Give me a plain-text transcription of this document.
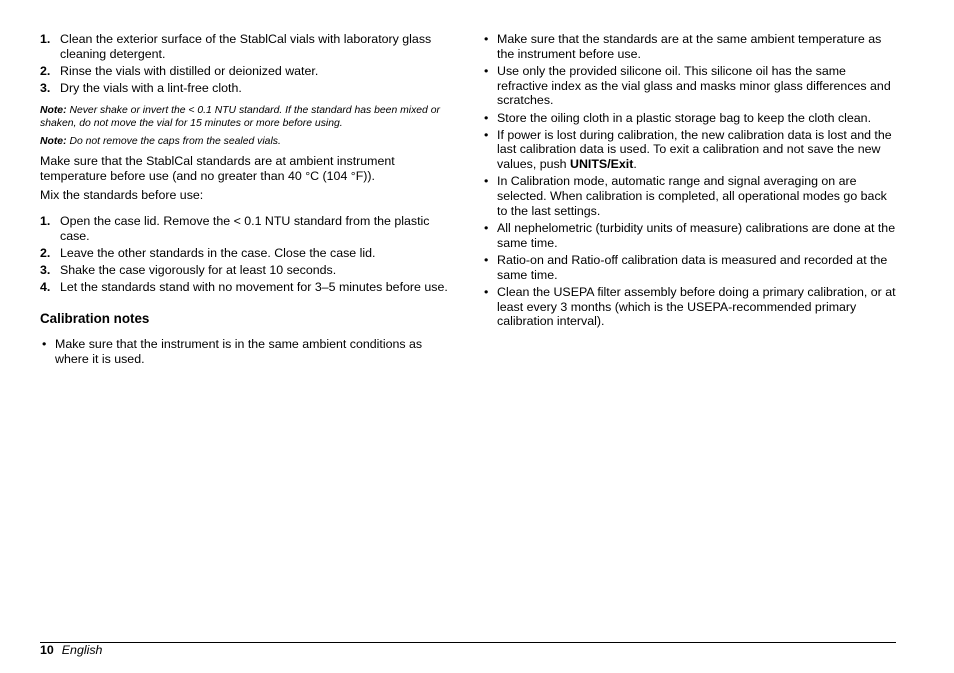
1. Clean the exterior surface of the StablCal vials with laboratory glass cleaning detergent.
2. Rinse the vials with distilled or deionized water.
3. Dry the vials with a lint-free cloth.

Note: Never shake or invert the < 0.1 NTU standard. If the standard has been mixed or shaken, do not move the vial for 15 minutes or more before using.

Note: Do not remove the caps from the sealed vials.

Make sure that the StablCal standards are at ambient instrument temperature before use (and no greater than 40 °C (104 °F)).

Mix the standards before use:

1. Open the case lid. Remove the < 0.1 NTU standard from the plastic case.
2. Leave the other standards in the case. Close the case lid.
3. Shake the case vigorously for at least 10 seconds.
4. Let the standards stand with no movement for 3–5 minutes before use.
Calibration notes
• Make sure that the instrument is in the same ambient conditions as where it is used.
• Make sure that the standards are at the same ambient temperature as the instrument before use.
• Use only the provided silicone oil. This silicone oil has the same refractive index as the vial glass and masks minor glass differences and scratches.
• Store the oiling cloth in a plastic storage bag to keep the cloth clean.
• If power is lost during calibration, the new calibration data is lost and the last calibration data is used. To exit a calibration and not save the new values, push UNITS/Exit.
• In Calibration mode, automatic range and signal averaging on are selected. When calibration is completed, all operational modes go back to the last settings.
• All nephelometric (turbidity units of measure) calibrations are done at the same time.
• Ratio-on and Ratio-off calibration data is measured and recorded at the same time.
• Clean the USEPA filter assembly before doing a primary calibration, or at least every 3 months (which is the USEPA-recommended primary calibration interval).
10 English
